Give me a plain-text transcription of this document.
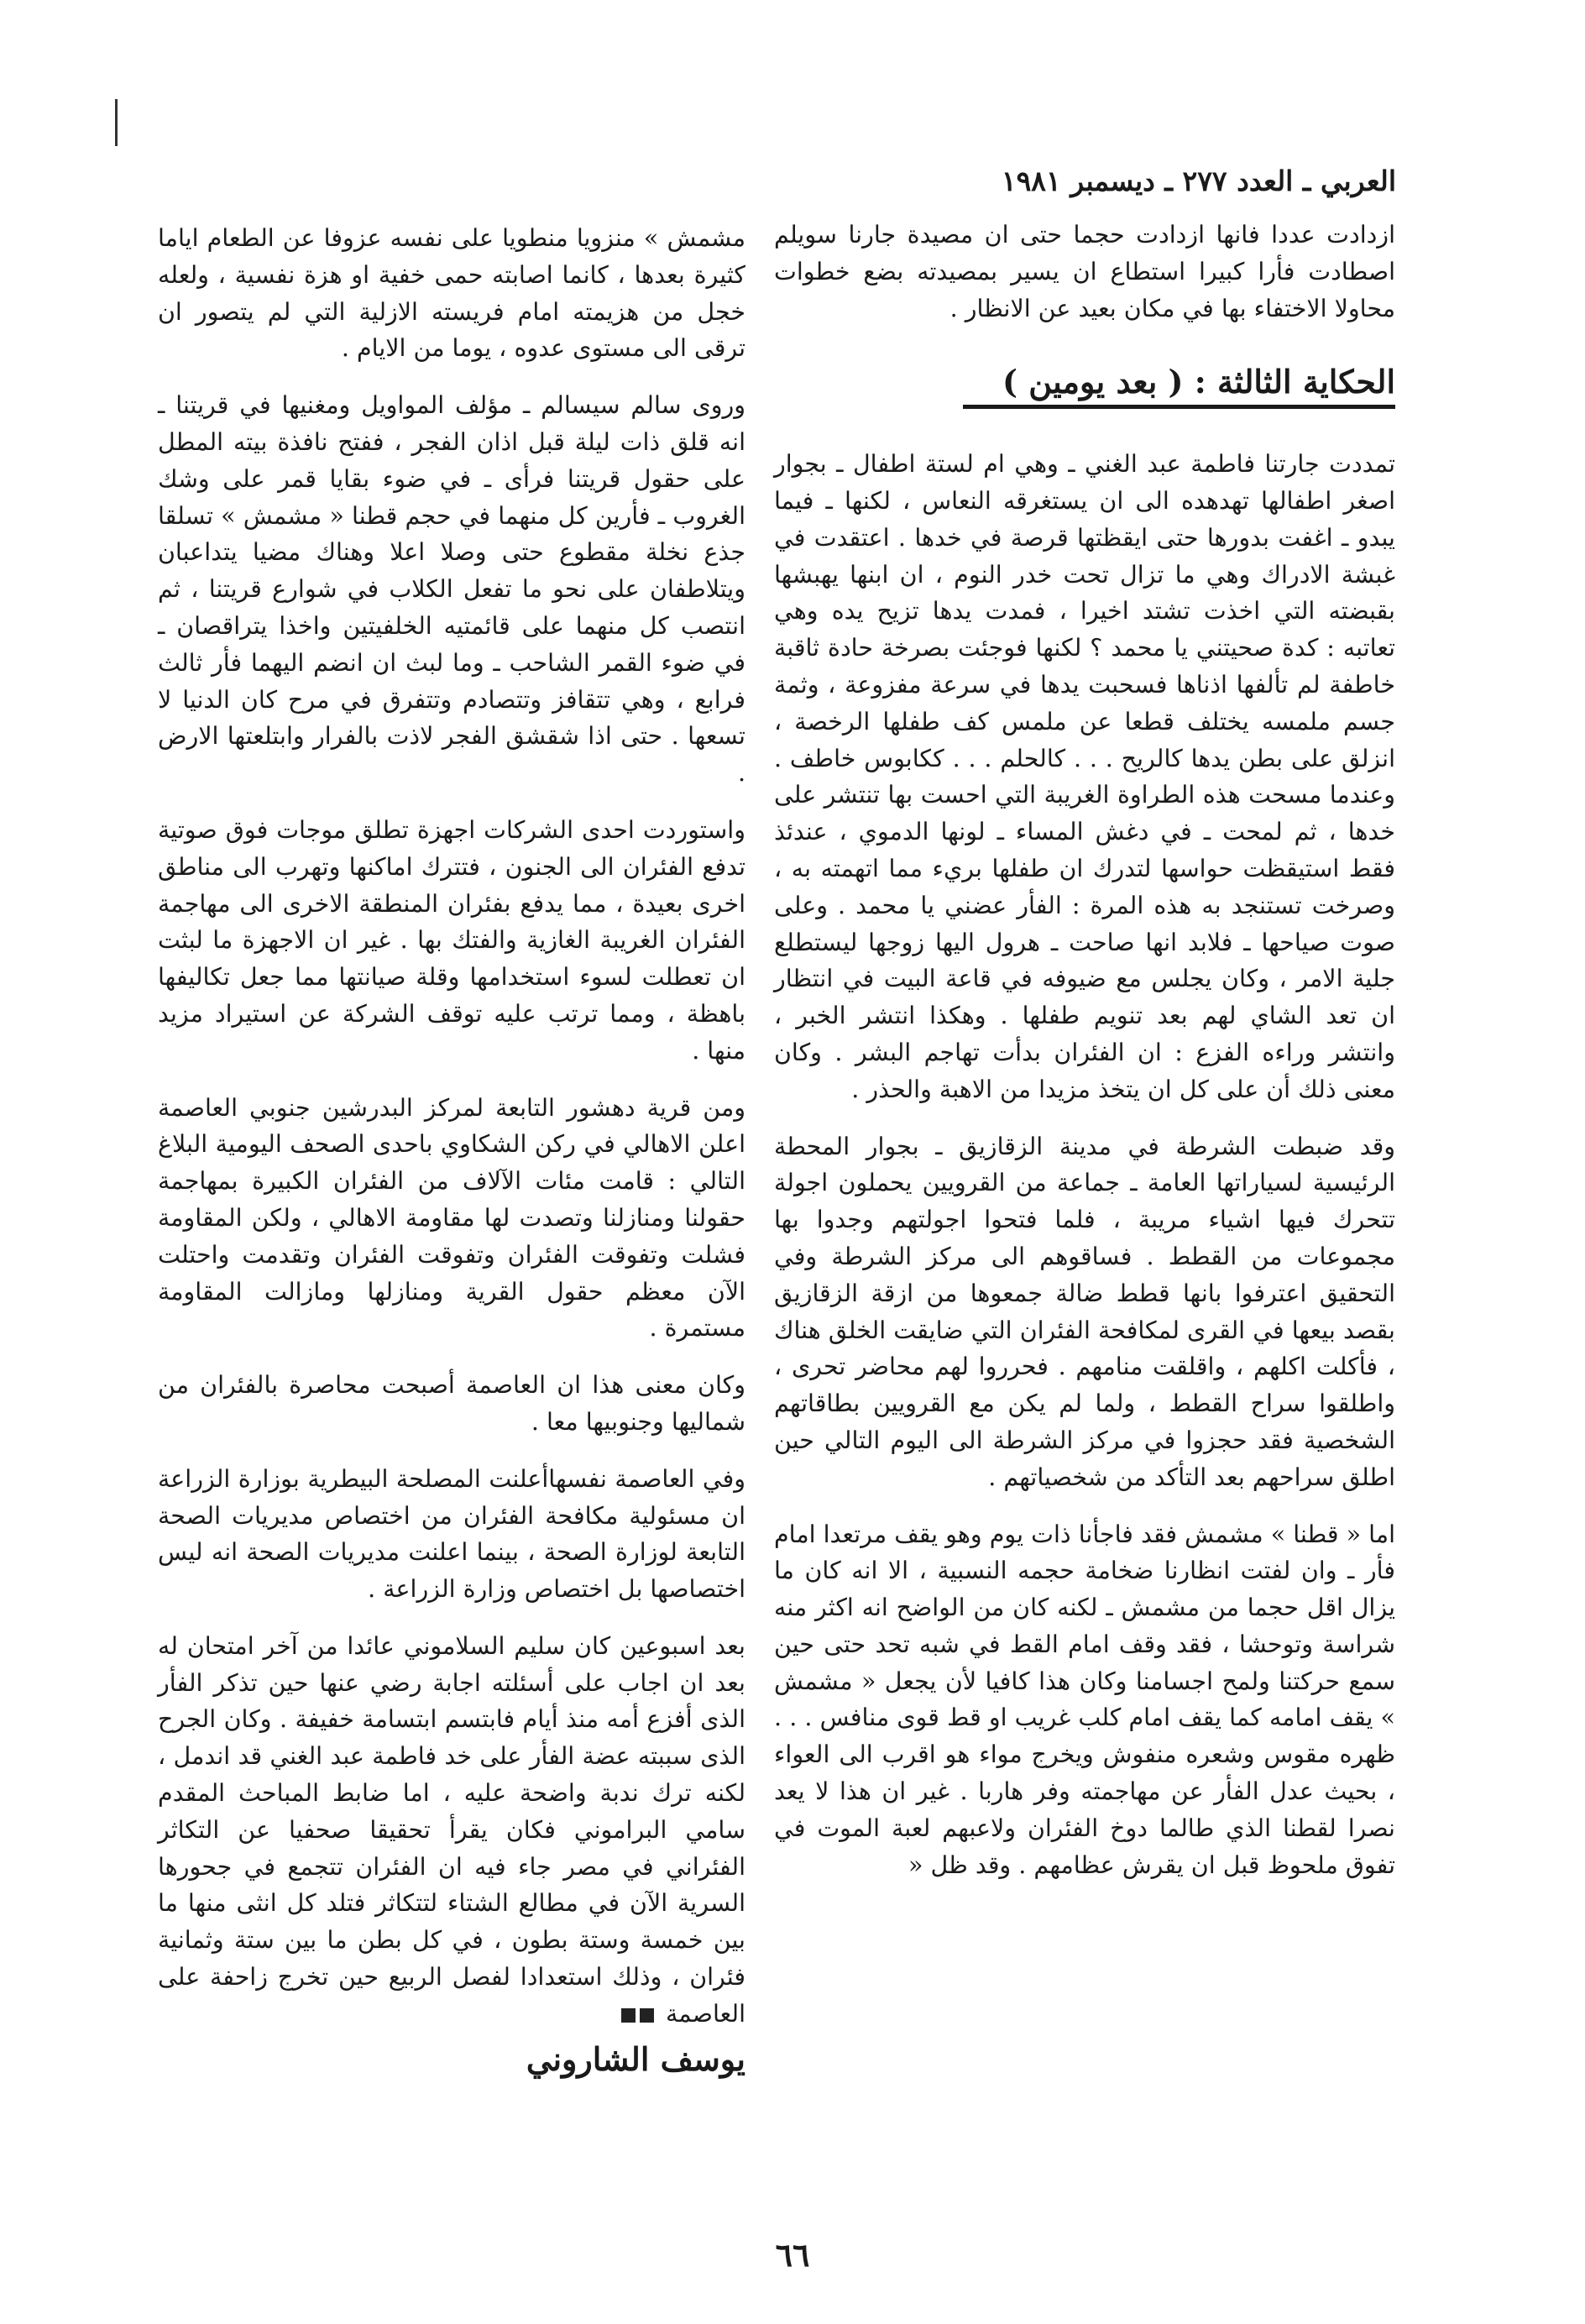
العربي ـ العدد ٢٧٧ ـ ديسمبر ١٩٨١

ازدادت عددا فانها ازدادت حجما حتى ان مصيدة جارنا سويلم اصطادت فأرا كبيرا استطاع ان يسير بمصيدته بضع خطوات محاولا الاختفاء بها في مكان بعيد عن الانظار .

الحكاية الثالثة : ( بعد يومين )

تمددت جارتنا فاطمة عبد الغني ـ وهي ام لستة اطفال ـ بجوار اصغر اطفالها تهدهده الى ان يستغرقه النعاس ، لكنها ـ فيما يبدو ـ اغفت بدورها حتى ايقظتها قرصة في خدها . اعتقدت في غبشة الادراك وهي ما تزال تحت خدر النوم ، ان ابنها يهبشها بقبضته التي اخذت تشتد اخيرا ، فمدت يدها تزيح يده وهي تعاتبه : كدة صحيتني يا محمد ؟ لكنها فوجئت بصرخة حادة ثاقبة خاطفة لم تألفها اذناها فسحبت يدها في سرعة مفزوعة ، وثمة جسم ملمسه يختلف قطعا عن ملمس كف طفلها الرخصة ، انزلق على بطن يدها كالريح . . . كالحلم . . . ككابوس خاطف . وعندما مسحت هذه الطراوة الغريبة التي احست بها تنتشر على خدها ، ثم لمحت ـ في دغش المساء ـ لونها الدموي ، عندئذ فقط استيقظت حواسها لتدرك ان طفلها بريء مما اتهمته به ، وصرخت تستنجد به هذه المرة : الفأر عضني يا محمد . وعلى صوت صياحها ـ فلابد انها صاحت ـ هرول اليها زوجها ليستطلع جلية الامر ، وكان يجلس مع ضيوفه في قاعة البيت في انتظار ان تعد الشاي لهم بعد تنويم طفلها . وهكذا انتشر الخبر ، وانتشر وراءه الفزع : ان الفئران بدأت تهاجم البشر . وكان معنى ذلك أن على كل ان يتخذ مزيدا من الاهبة والحذر .

وقد ضبطت الشرطة في مدينة الزقازيق ـ بجوار المحطة الرئيسية لسياراتها العامة ـ جماعة من القرويين يحملون اجولة تتحرك فيها اشياء مريبة ، فلما فتحوا اجولتهم وجدوا بها مجموعات من القطط . فساقوهم الى مركز الشرطة وفي التحقيق اعترفوا بانها قطط ضالة جمعوها من ازقة الزقازيق بقصد بيعها في القرى لمكافحة الفئران التي ضايقت الخلق هناك ، فأكلت اكلهم ، واقلقت منامهم . فحرروا لهم محاضر تحرى ، واطلقوا سراح القطط ، ولما لم يكن مع القرويين بطاقاتهم الشخصية فقد حجزوا في مركز الشرطة الى اليوم التالي حين اطلق سراحهم بعد التأكد من شخصياتهم .

اما « قطنا » مشمش فقد فاجأنا ذات يوم وهو يقف مرتعدا امام فأر ـ وان لفتت انظارنا ضخامة حجمه النسبية ، الا انه كان ما يزال اقل حجما من مشمش ـ لكنه كان من الواضح انه اكثر منه شراسة وتوحشا ، فقد وقف امام القط في شبه تحد حتى حين سمع حركتنا ولمح اجسامنا وكان هذا كافيا لأن يجعل « مشمش » يقف امامه كما يقف امام كلب غريب او قط قوى منافس . . . ظهره مقوس وشعره منفوش ويخرج مواء هو اقرب الى العواء ، بحيث عدل الفأر عن مهاجمته وفر هاربا . غير ان هذا لا يعد نصرا لقطنا الذي طالما دوخ الفئران ولاعبهم لعبة الموت في تفوق ملحوظ قبل ان يقرش عظامهم . وقد ظل «

مشمش » منزويا منطويا على نفسه عزوفا عن الطعام اياما كثيرة بعدها ، كانما اصابته حمى خفية او هزة نفسية ، ولعله خجل من هزيمته امام فريسته الازلية التي لم يتصور ان ترقى الى مستوى عدوه ، يوما من الايام .

وروى سالم سيسالم ـ مؤلف المواويل ومغنيها في قريتنا ـ انه قلق ذات ليلة قبل اذان الفجر ، ففتح نافذة بيته المطل على حقول قريتنا فرأى ـ في ضوء بقايا قمر على وشك الغروب ـ فأرين كل منهما في حجم قطنا « مشمش » تسلقا جذع نخلة مقطوع حتى وصلا اعلا وهناك مضيا يتداعبان ويتلاطفان على نحو ما تفعل الكلاب في شوارع قريتنا ، ثم انتصب كل منهما على قائمتيه الخلفيتين واخذا يتراقصان ـ في ضوء القمر الشاحب ـ وما لبث ان انضم اليهما فأر ثالث فرابع ، وهي تتقافز وتتصادم وتتفرق في مرح كان الدنيا لا تسعها . حتى اذا شقشق الفجر لاذت بالفرار وابتلعتها الارض .

واستوردت احدى الشركات اجهزة تطلق موجات فوق صوتية تدفع الفئران الى الجنون ، فتترك اماكنها وتهرب الى مناطق اخرى بعيدة ، مما يدفع بفئران المنطقة الاخرى الى مهاجمة الفئران الغريبة الغازية والفتك بها . غير ان الاجهزة ما لبثت ان تعطلت لسوء استخدامها وقلة صيانتها مما جعل تكاليفها باهظة ، ومما ترتب عليه توقف الشركة عن استيراد مزيد منها .

ومن قرية دهشور التابعة لمركز البدرشين جنوبي العاصمة اعلن الاهالي في ركن الشكاوي باحدى الصحف اليومية البلاغ التالي : قامت مئات الآلاف من الفئران الكبيرة بمهاجمة حقولنا ومنازلنا وتصدت لها مقاومة الاهالي ، ولكن المقاومة فشلت وتفوقت الفئران وتفوقت الفئران وتقدمت واحتلت الآن معظم حقول القرية ومنازلها ومازالت المقاومة مستمرة .

وكان معنى هذا ان العاصمة أصبحت محاصرة بالفئران من شماليها وجنوبيها معا .

وفي العاصمة نفسهاأعلنت المصلحة البيطرية بوزارة الزراعة ان مسئولية مكافحة الفئران من اختصاص مديريات الصحة التابعة لوزارة الصحة ، بينما اعلنت مديريات الصحة انه ليس اختصاصها بل اختصاص وزارة الزراعة .

بعد اسبوعين كان سليم السلاموني عائدا من آخر امتحان له بعد ان اجاب على أسئلته اجابة رضي عنها حين تذكر الفأر الذى أفزع أمه منذ أيام فابتسم ابتسامة خفيفة . وكان الجرح الذى سببته عضة الفأر على خد فاطمة عبد الغني قد اندمل ، لكنه ترك ندبة واضحة عليه ، اما ضابط المباحث المقدم سامي البراموني فكان يقرأ تحقيقا صحفيا عن التكاثر الفئراني في مصر جاء فيه ان الفئران تتجمع في جحورها السرية الآن في مطالع الشتاء لتتكاثر فتلد كل انثى منها ما بين خمسة وستة بطون ، في كل بطن ما بين ستة وثمانية فئران ، وذلك استعدادا لفصل الربيع حين تخرج زاحفة على العاصمة

يوسف الشاروني
٦٦
